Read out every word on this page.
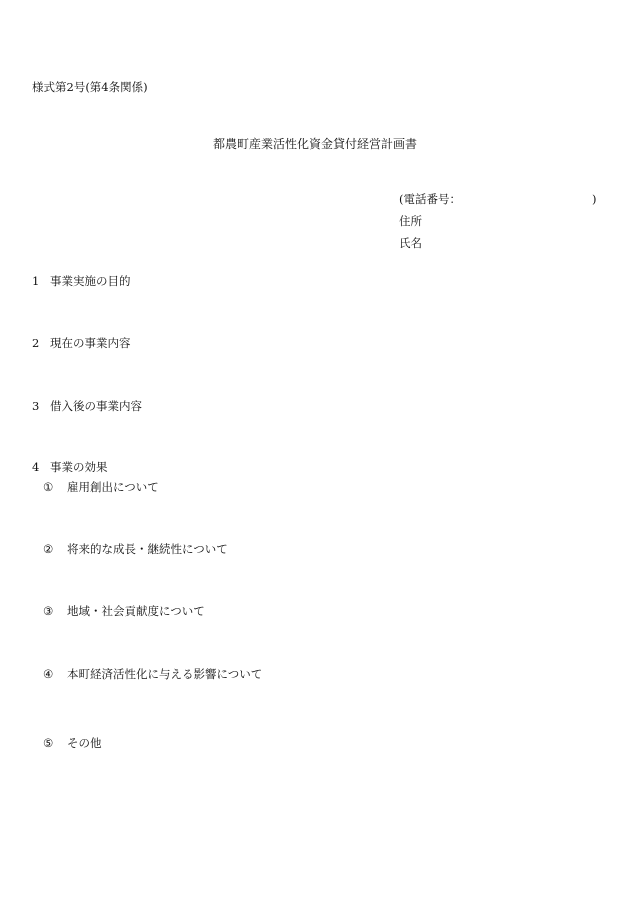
様式第2号(第4条関係)
都農町産業活性化資金貸付経営計画書
(電話番号：	)
住所
氏名
1 事業実施の目的
2 現在の事業内容
3 借入後の事業内容
4 事業の効果
① 雇用創出について
② 将来的な成長・継続性について
③ 地域・社会貢献度について
④ 本町経済活性化に与える影響について
⑤ その他
